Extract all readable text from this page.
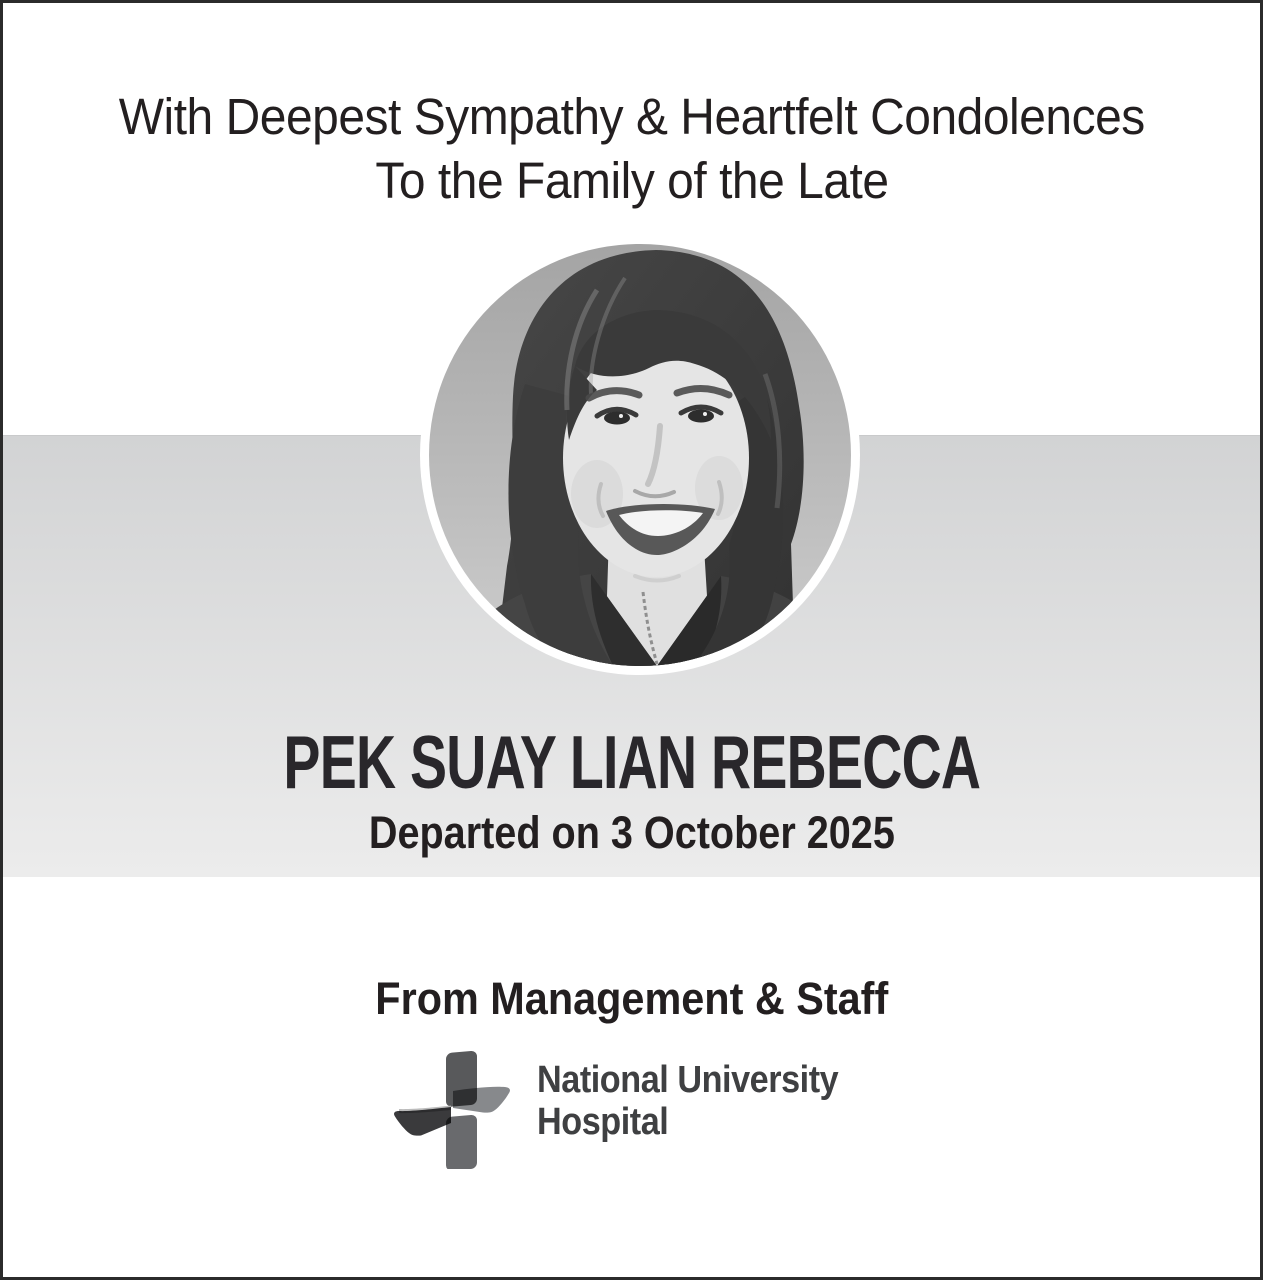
With Deepest Sympathy & Heartfelt Condolences
To the Family of the Late
PEK SUAY LIAN REBECCA
Departed on 3 October 2025
From Management & Staff
National University
Hospital
